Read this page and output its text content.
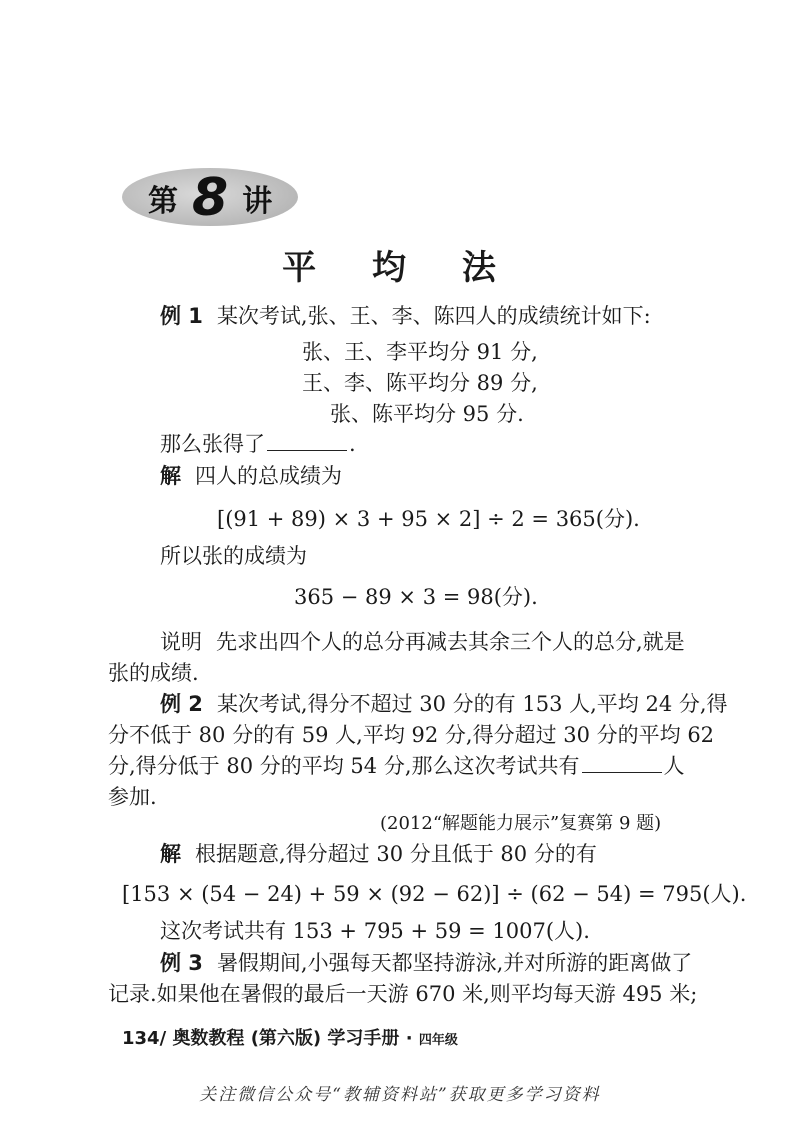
第 8 讲
平 均 法
例 1 某次考试,张、王、李、陈四人的成绩统计如下:
张、王、李平均分 91 分,
王、李、陈平均分 89 分,
张、陈平均分 95 分.
那么张得了	.
解 四人的总成绩为
[(91 + 89) × 3 + 95 × 2] ÷ 2 = 365(分).
所以张的成绩为
365 − 89 × 3 = 98(分).
说明 先求出四个人的总分再减去其余三个人的总分,就是
张的成绩.
例 2 某次考试,得分不超过 30 分的有 153 人,平均 24 分,得
分不低于 80 分的有 59 人,平均 92 分,得分超过 30 分的平均 62
分,得分低于 80 分的平均 54 分,那么这次考试共有	人
参加.
(2012“解题能力展示”复赛第 9 题)
解 根据题意,得分超过 30 分且低于 80 分的有
[153 × (54 − 24) + 59 × (92 − 62)] ÷ (62 − 54) = 795(人).
这次考试共有 153 + 795 + 59 = 1007(人).
例 3 暑假期间,小强每天都坚持游泳,并对所游的距离做了
记录.如果他在暑假的最后一天游 670 米,则平均每天游 495 米;
134/ 奥数教程 (第六版) 学习手册 · 四年级
关注微信公众号“教辅资料站”获取更多学习资料
